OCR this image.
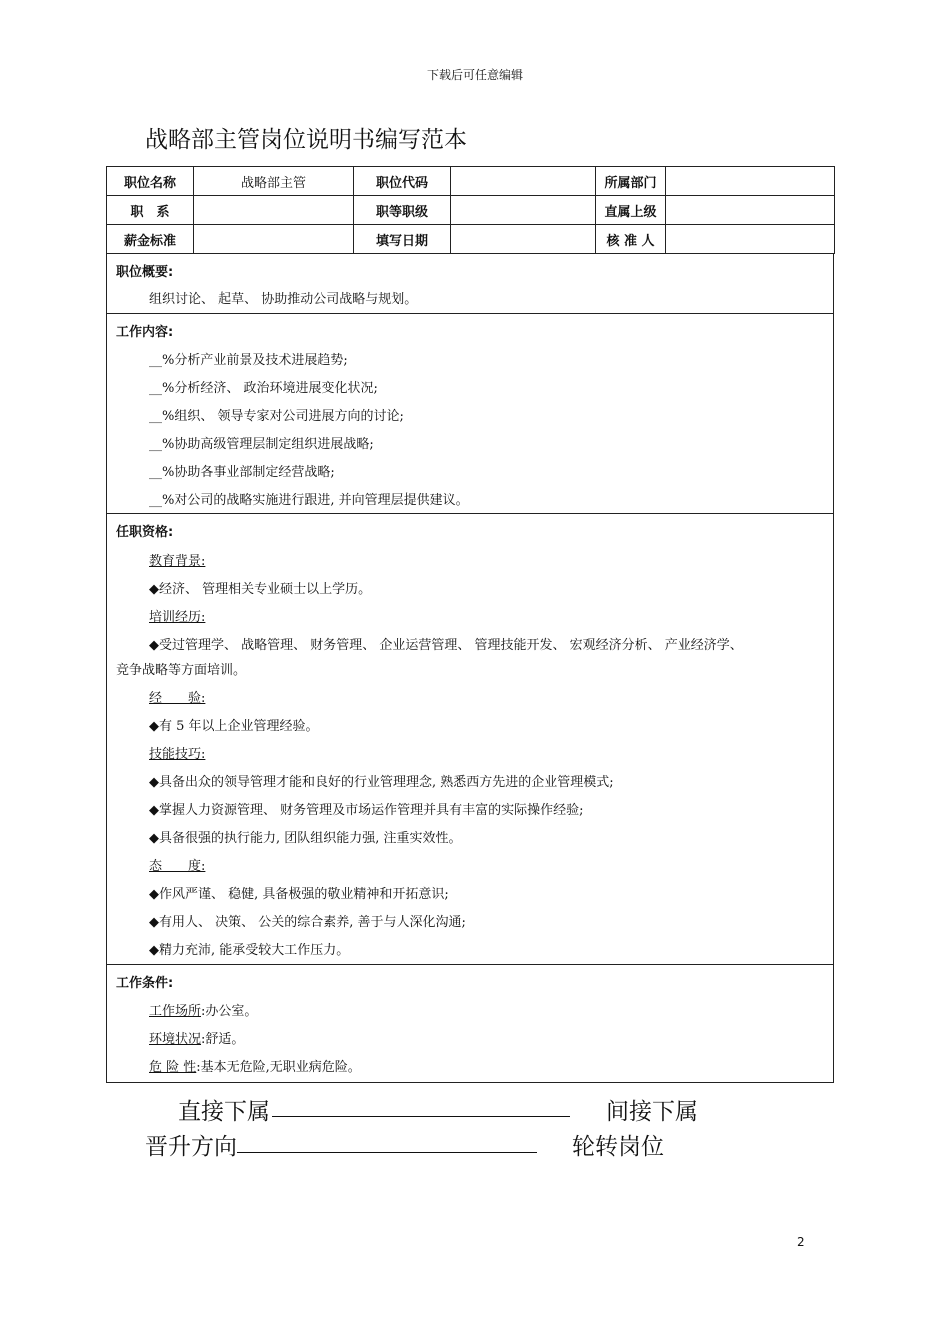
下载后可任意编辑
战略部主管岗位说明书编写范本
职位名称	战略部主管	职位代码		所属部门	
职　系		职等职级		直属上级	
薪金标准		填写日期		核 准 人	
职位概要:
组织讨论、 起草、 协助推动公司战略与规划。
工作内容:
__%分析产业前景及技术进展趋势;
__%分析经济、 政治环境进展变化状况;
__%组织、 领导专家对公司进展方向的讨论;
__%协助高级管理层制定组织进展战略;
__%协助各事业部制定经营战略;
__%对公司的战略实施进行跟进, 并向管理层提供建议。
任职资格:
教育背景:
◆经济、 管理相关专业硕士以上学历。
培训经历:
◆受过管理学、 战略管理、 财务管理、 企业运营管理、 管理技能开发、 宏观经济分析、 产业经济学、
竞争战略等方面培训。
经　　验:
◆有 5 年以上企业管理经验。
技能技巧:
◆具备出众的领导管理才能和良好的行业管理理念, 熟悉西方先进的企业管理模式;
◆掌握人力资源管理、 财务管理及市场运作管理并具有丰富的实际操作经验;
◆具备很强的执行能力, 团队组织能力强, 注重实效性。
态　　度:
◆作风严谨、 稳健, 具备极强的敬业精神和开拓意识;
◆有用人、 决策、 公关的综合素养, 善于与人深化沟通;
◆精力充沛, 能承受较大工作压力。
工作条件:
工作场所:办公室。
环境状况:舒适。
危 险 性:基本无危险,无职业病危险。
直接下属	间接下属
晋升方向	轮转岗位
2
